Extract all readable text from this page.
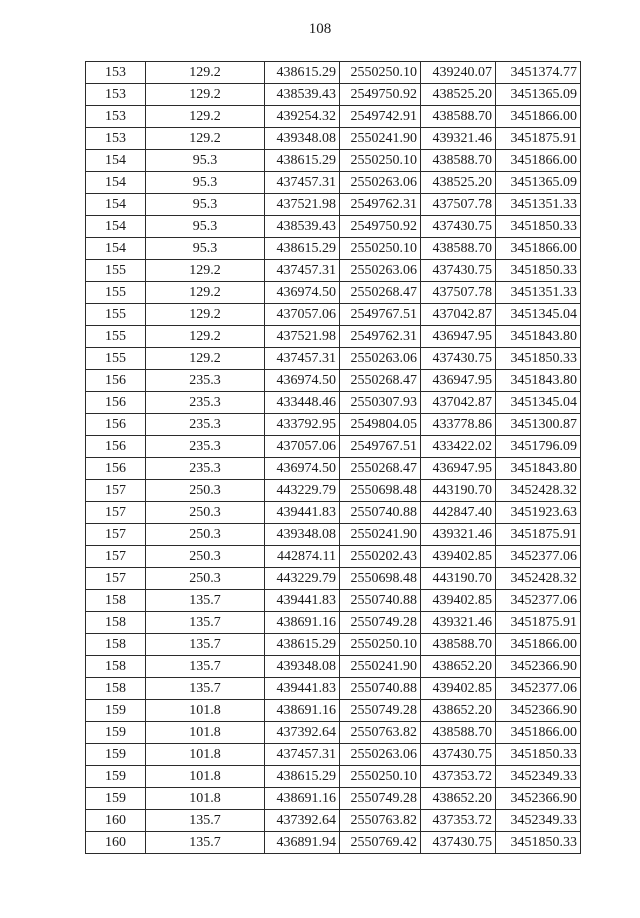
108
153	129.2	438615.29	2550250.10	439240.07	3451374.77
153	129.2	438539.43	2549750.92	438525.20	3451365.09
153	129.2	439254.32	2549742.91	438588.70	3451866.00
153	129.2	439348.08	2550241.90	439321.46	3451875.91
154	95.3	438615.29	2550250.10	438588.70	3451866.00
154	95.3	437457.31	2550263.06	438525.20	3451365.09
154	95.3	437521.98	2549762.31	437507.78	3451351.33
154	95.3	438539.43	2549750.92	437430.75	3451850.33
154	95.3	438615.29	2550250.10	438588.70	3451866.00
155	129.2	437457.31	2550263.06	437430.75	3451850.33
155	129.2	436974.50	2550268.47	437507.78	3451351.33
155	129.2	437057.06	2549767.51	437042.87	3451345.04
155	129.2	437521.98	2549762.31	436947.95	3451843.80
155	129.2	437457.31	2550263.06	437430.75	3451850.33
156	235.3	436974.50	2550268.47	436947.95	3451843.80
156	235.3	433448.46	2550307.93	437042.87	3451345.04
156	235.3	433792.95	2549804.05	433778.86	3451300.87
156	235.3	437057.06	2549767.51	433422.02	3451796.09
156	235.3	436974.50	2550268.47	436947.95	3451843.80
157	250.3	443229.79	2550698.48	443190.70	3452428.32
157	250.3	439441.83	2550740.88	442847.40	3451923.63
157	250.3	439348.08	2550241.90	439321.46	3451875.91
157	250.3	442874.11	2550202.43	439402.85	3452377.06
157	250.3	443229.79	2550698.48	443190.70	3452428.32
158	135.7	439441.83	2550740.88	439402.85	3452377.06
158	135.7	438691.16	2550749.28	439321.46	3451875.91
158	135.7	438615.29	2550250.10	438588.70	3451866.00
158	135.7	439348.08	2550241.90	438652.20	3452366.90
158	135.7	439441.83	2550740.88	439402.85	3452377.06
159	101.8	438691.16	2550749.28	438652.20	3452366.90
159	101.8	437392.64	2550763.82	438588.70	3451866.00
159	101.8	437457.31	2550263.06	437430.75	3451850.33
159	101.8	438615.29	2550250.10	437353.72	3452349.33
159	101.8	438691.16	2550749.28	438652.20	3452366.90
160	135.7	437392.64	2550763.82	437353.72	3452349.33
160	135.7	436891.94	2550769.42	437430.75	3451850.33
